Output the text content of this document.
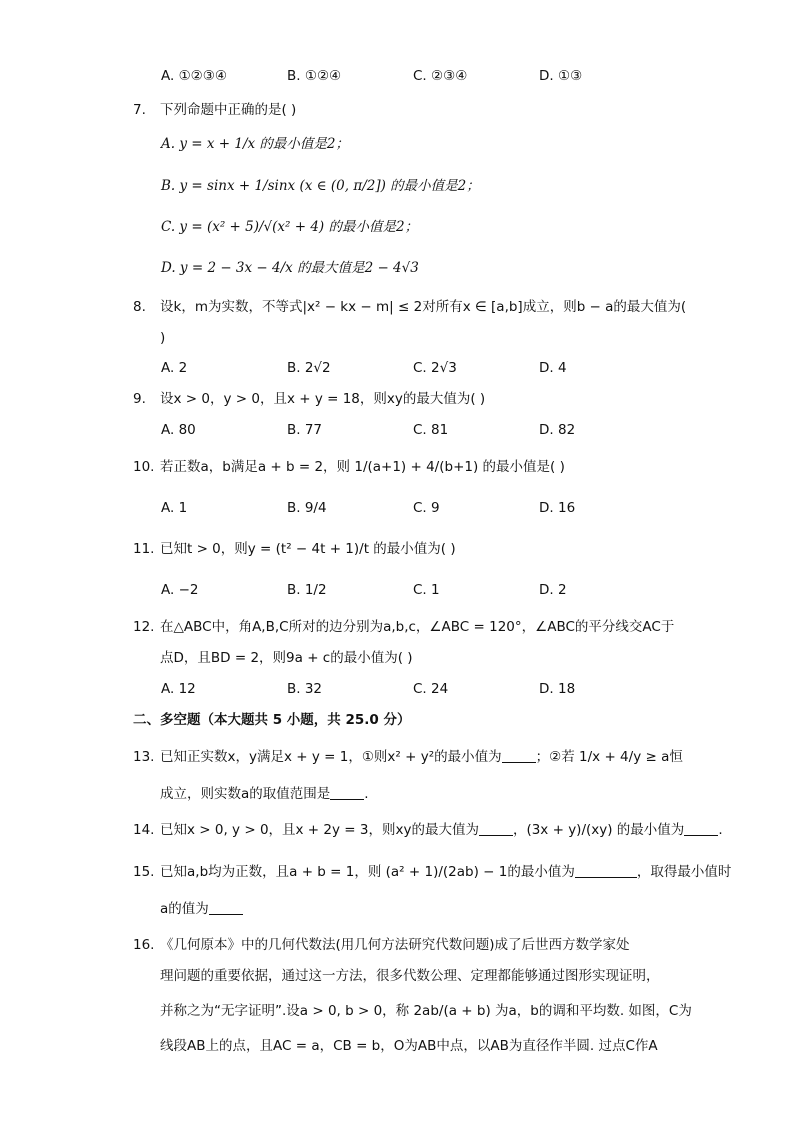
A. ①②③④	B. ①②④	C. ②③④	D. ①③
7. 下列命题中正确的是( )
A. y = x + 1/x 的最小值是2；
B. y = sinx + 1/sinx (x ∈ (0, π/2]) 的最小值是2；
C. y = (x² + 5)/√(x² + 4) 的最小值是2；
D. y = 2 − 3x − 4/x 的最大值是2 − 4√3
8. 设k，m为实数，不等式|x² − kx − m| ≤ 2对所有x ∈ [a,b]成立，则b − a的最大值为(
)
A. 2	B. 2√2	C. 2√3	D. 4
9. 设x > 0，y > 0，且x + y = 18，则xy的最大值为( )
A. 80	B. 77	C. 81	D. 82
10. 若正数a，b满足a + b = 2，则 1/(a+1) + 4/(b+1) 的最小值是( )
A. 1	B. 9/4	C. 9	D. 16
11. 已知t > 0，则y = (t² − 4t + 1)/t 的最小值为( )
A. −2	B. 1/2	C. 1	D. 2
12. 在△ABC中，角A,B,C所对的边分别为a,b,c，∠ABC = 120°，∠ABC的平分线交AC于
点D，且BD = 2，则9a + c的最小值为( )
A. 12	B. 32	C. 24	D. 18
二、多空题（本大题共 5 小题，共 25.0 分）
13. 已知正实数x，y满足x + y = 1，①则x² + y²的最小值为	；②若 1/x + 4/y ≥ a恒
成立，则实数a的取值范围是	.
14. 已知x > 0, y > 0，且x + 2y = 3，则xy的最大值为	，(3x + y)/(xy) 的最小值为	.
15. 已知a,b均为正数，且a + b = 1，则 (a² + 1)/(2ab) − 1的最小值为	，取得最小值时
a的值为
16. 《几何原本》中的几何代数法(用几何方法研究代数问题)成了后世西方数学家处
理问题的重要依据，通过这一方法，很多代数公理、定理都能够通过图形实现证明，
并称之为“无字证明”.设a > 0, b > 0，称 2ab/(a + b) 为a，b的调和平均数. 如图，C为
线段AB上的点，且AC = a，CB = b，O为AB中点，以AB为直径作半圆. 过点C作A
